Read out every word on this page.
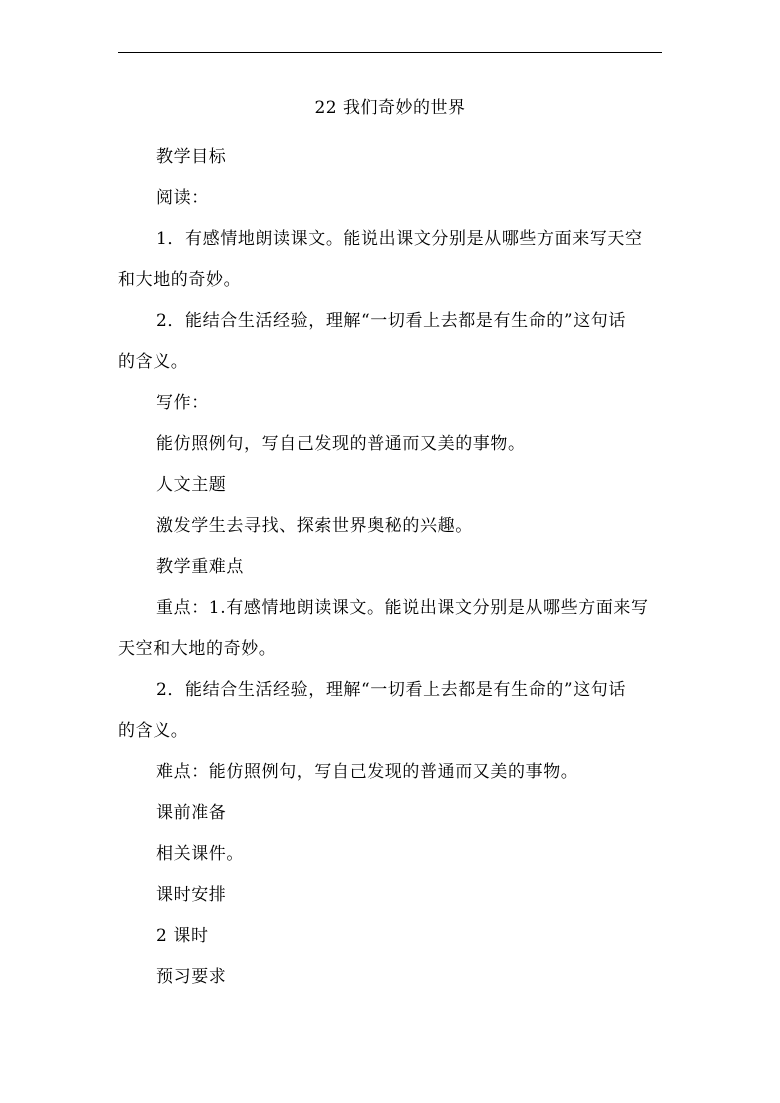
22 我们奇妙的世界

教学目标

阅读：

1．有感情地朗读课文。能说出课文分别是从哪些方面来写天空
和大地的奇妙。

2．能结合生活经验，理解“一切看上去都是有生命的”这句话
的含义。

写作：

能仿照例句，写自己发现的普通而又美的事物。

人文主题

激发学生去寻找、探索世界奥秘的兴趣。

教学重难点

重点：1.有感情地朗读课文。能说出课文分别是从哪些方面来写
天空和大地的奇妙。

2．能结合生活经验，理解“一切看上去都是有生命的”这句话
的含义。

难点：能仿照例句，写自己发现的普通而又美的事物。

课前准备

相关课件。

课时安排

2 课时

预习要求
